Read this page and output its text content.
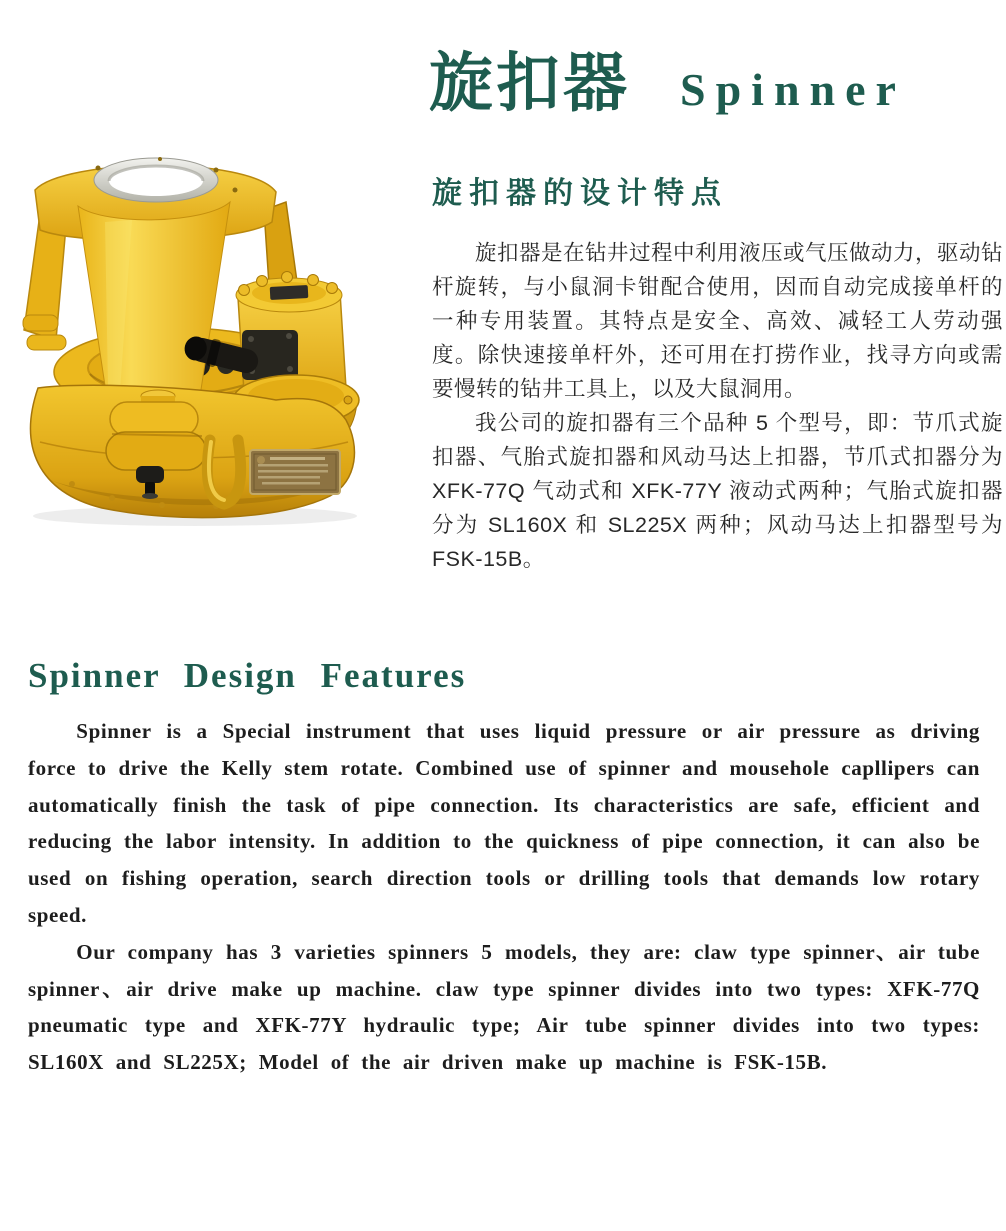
旋扣器 Spinner
旋扣器的设计特点

旋扣器是在钻井过程中利用液压或气压做动力，驱动钻杆旋转，与小鼠洞卡钳配合使用，因而自动完成接单杆的一种专用装置。其特点是安全、高效、减轻工人劳动强度。除快速接单杆外，还可用在打捞作业，找寻方向或需要慢转的钻井工具上，以及大鼠洞用。

我公司的旋扣器有三个品种 5 个型号，即：节爪式旋扣器、气胎式旋扣器和风动马达上扣器，节爪式扣器分为 XFK-77Q 气动式和 XFK-77Y 液动式两种；气胎式旋扣器分为 SL160X 和 SL225X 两种；风动马达上扣器型号为 FSK-15B。

Spinner Design Features

Spinner is a Special instrument that uses liquid pressure or air pressure as driving force to drive the Kelly stem rotate. Combined use of spinner and mousehole capllipers can automatically finish the task of pipe connection. Its characteristics are safe, efficient and reducing the labor intensity. In addition to the quickness of pipe connection, it can also be used on fishing operation, search direction tools or drilling tools that demands low rotary speed.

Our company has 3 varieties spinners 5 models, they are: claw type spinner、air tube spinner、air drive make up machine. claw type spinner divides into two types: XFK-77Q pneumatic type and XFK-77Y hydraulic type; Air tube spinner divides into two types: SL160X and SL225X; Model of the air driven make up machine is FSK-15B.
